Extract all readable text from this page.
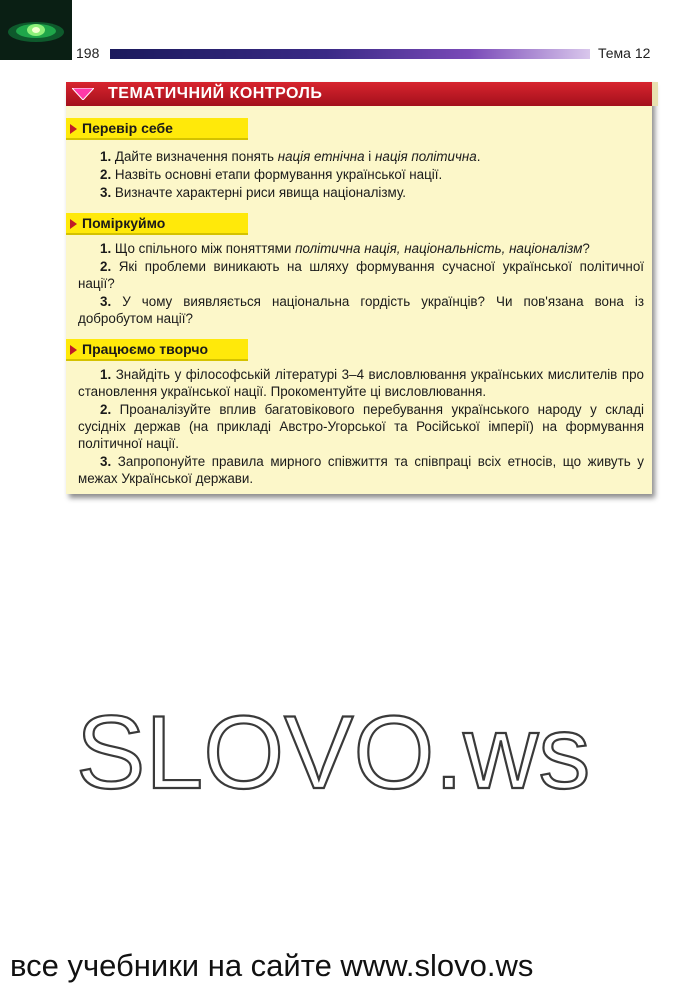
198	Тема 12
ТЕМАТИЧНИЙ КОНТРОЛЬ
Перевір себе

1. Дайте визначення понять нація етнічна і нація політична.

2. Назвіть основні етапи формування української нації.

3. Визначте характерні риси явища націоналізму.

Поміркуймо

1. Що спільного між поняттями політична нація, національність, націоналізм?

2. Які проблеми виникають на шляху формування сучасної української політичної нації?

3. У чому виявляється національна гордість українців? Чи пов'язана вона із добробутом нації?

Працюємо творчо

1. Знайдіть у філософській літературі 3–4 висловлювання українських мислителів про становлення української нації. Прокоментуйте ці висловлювання.

2. Проаналізуйте вплив багатовікового перебування українського народу у складі сусідніх держав (на прикладі Австро-Угорської та Російської імперії) на формування політичної нації.

3. Запропонуйте правила мирного співжиття та співпраці всіх етносів, що живуть у межах Української держави.

SLOVO.ws
все учебники на сайте www.slovo.ws
